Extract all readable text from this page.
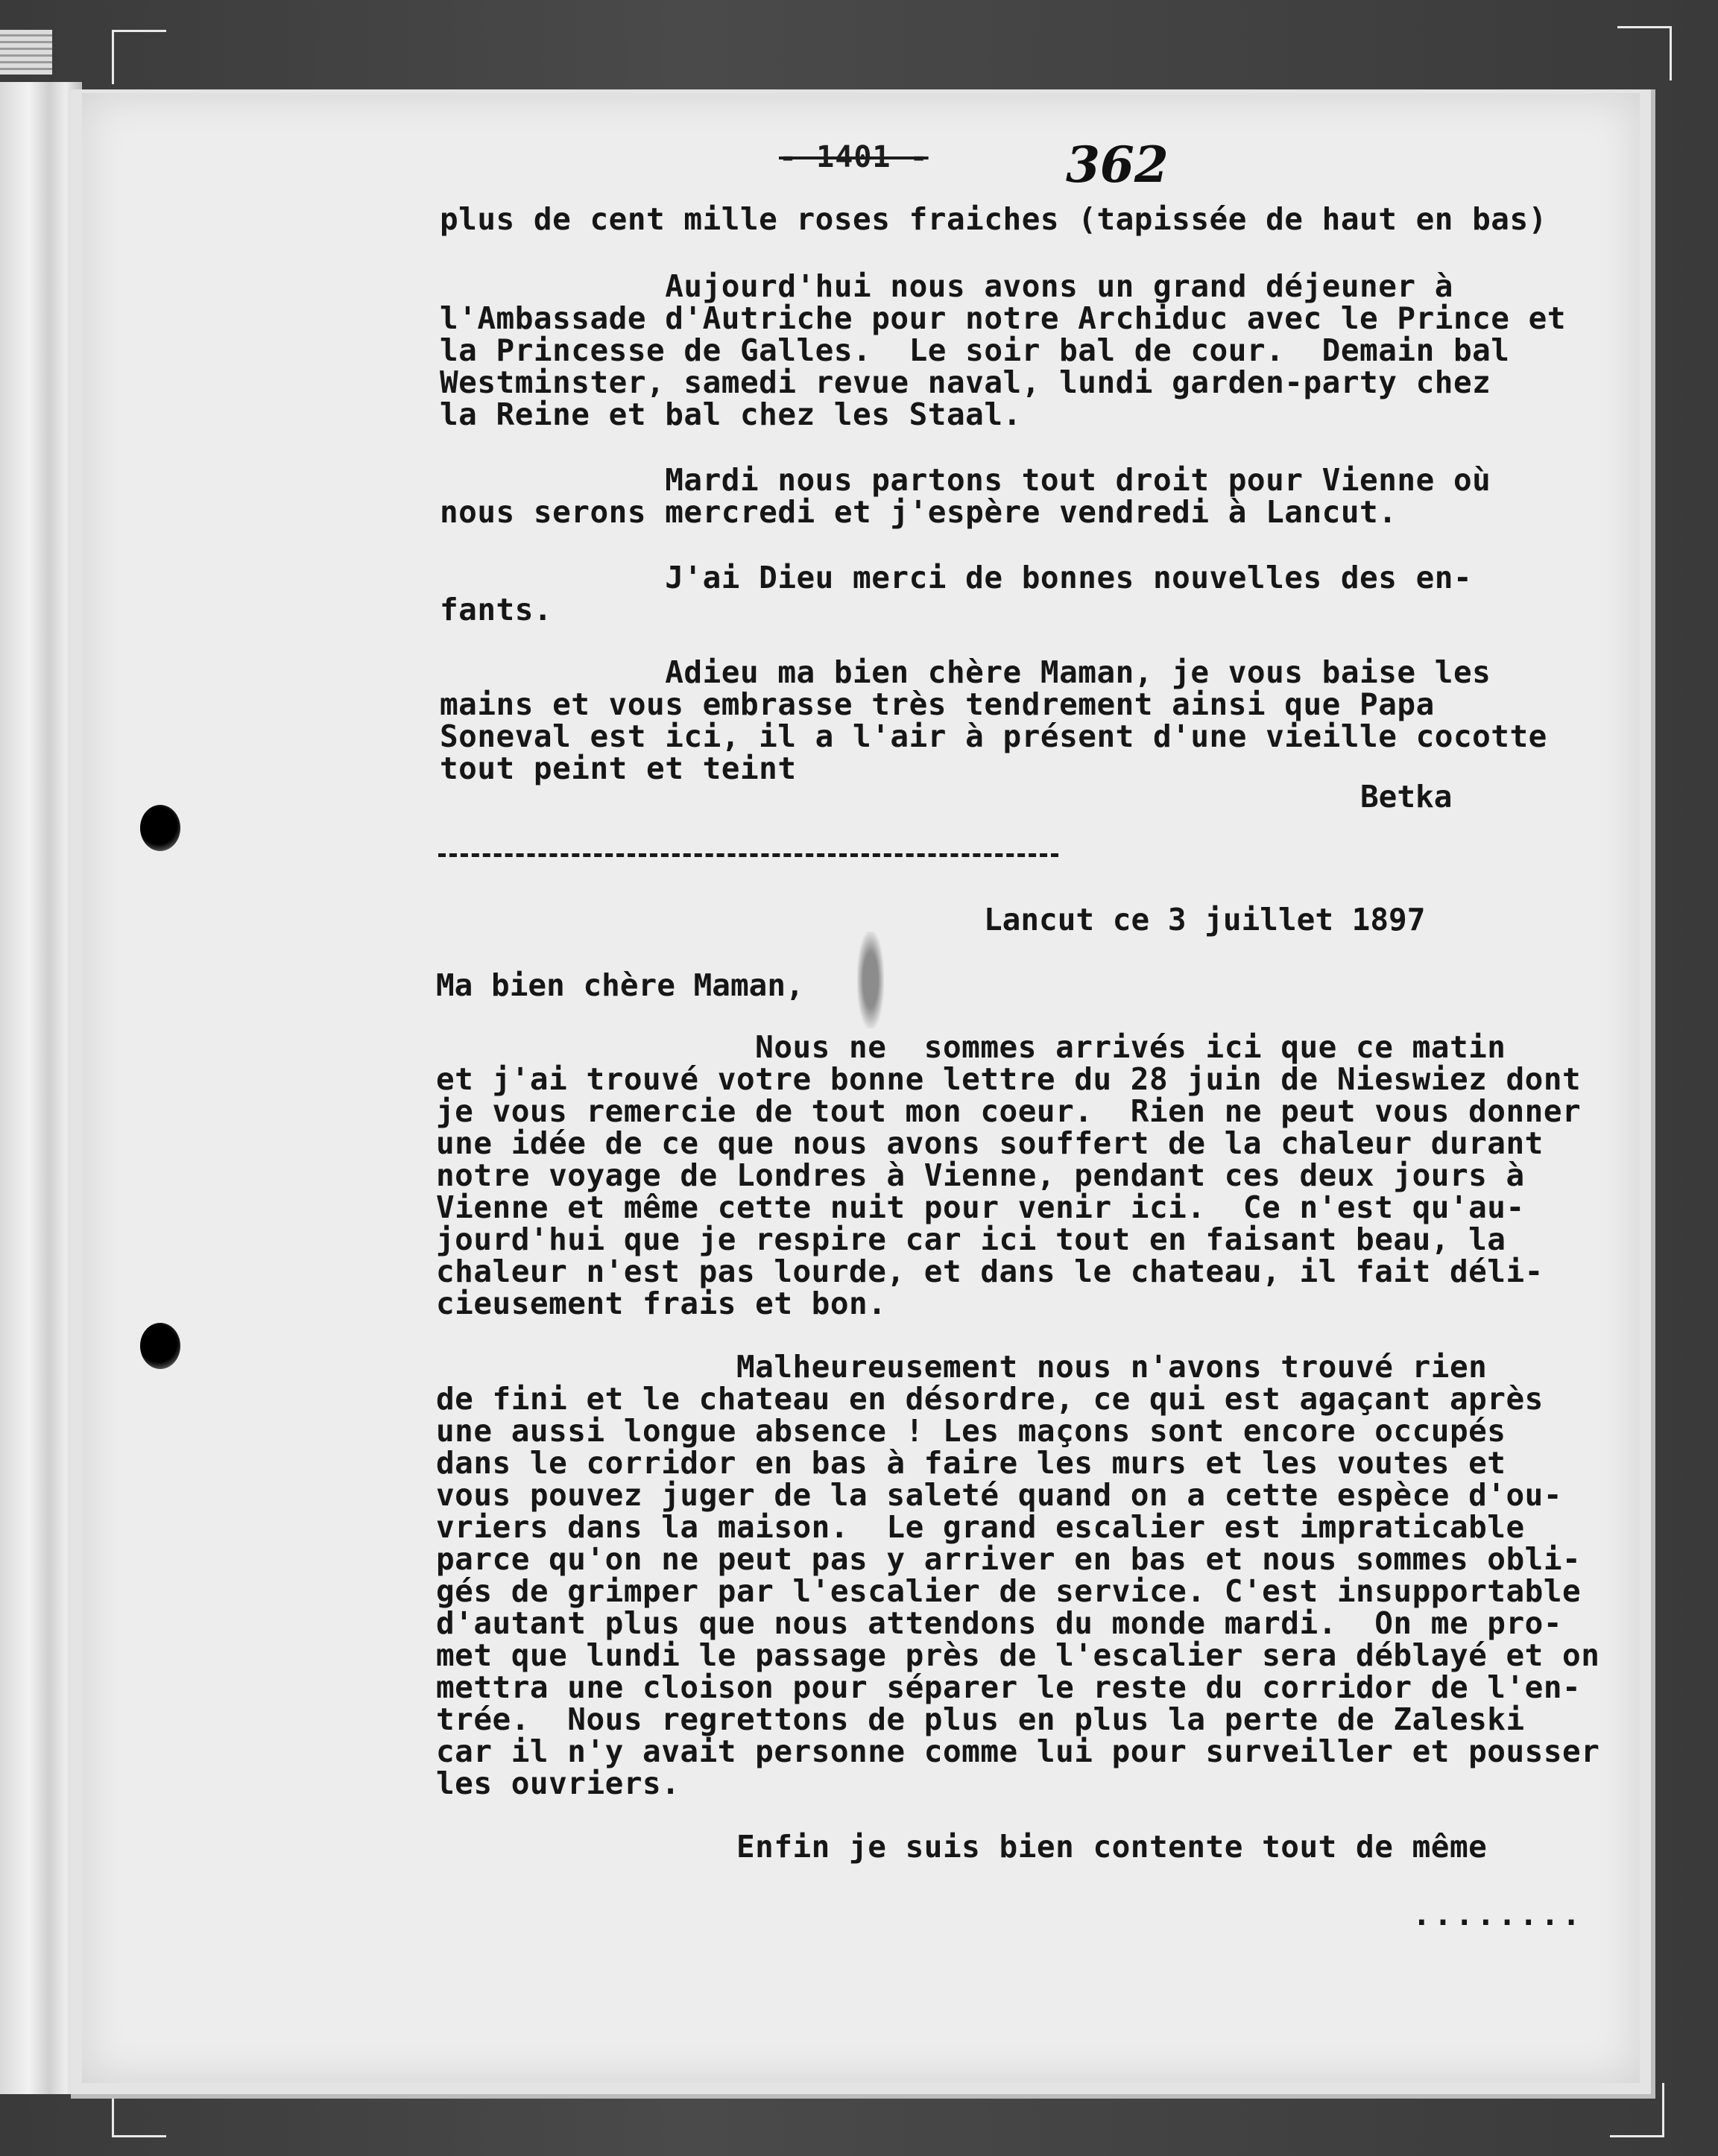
- 1401 -	362
plus de cent mille roses fraiches (tapissée de haut en bas)
Aujourd'hui nous avons un grand déjeuner à
l'Ambassade d'Autriche pour notre Archiduc avec le Prince et
la Princesse de Galles.  Le soir bal de cour.  Demain bal
Westminster, samedi revue naval, lundi garden-party chez
la Reine et bal chez les Staal.
Mardi nous partons tout droit pour Vienne où
nous serons mercredi et j'espère vendredi à Lancut.
J'ai Dieu merci de bonnes nouvelles des en-
fants.
Adieu ma bien chère Maman, je vous baise les
mains et vous embrasse très tendrement ainsi que Papa
Soneval est ici, il a l'air à présent d'une vieille cocotte
tout peint et teint
Betka
Lancut ce 3 juillet 1897
Ma bien chère Maman,
Nous ne  sommes arrivés ici que ce matin
et j'ai trouvé votre bonne lettre du 28 juin de Nieswiez dont
je vous remercie de tout mon coeur.  Rien ne peut vous donner
une idée de ce que nous avons souffert de la chaleur durant
notre voyage de Londres à Vienne, pendant ces deux jours à
Vienne et même cette nuit pour venir ici.  Ce n'est qu'au-
jourd'hui que je respire car ici tout en faisant beau, la
chaleur n'est pas lourde, et dans le chateau, il fait déli-
cieusement frais et bon.
Malheureusement nous n'avons trouvé rien
de fini et le chateau en désordre, ce qui est agaçant après
une aussi longue absence ! Les maçons sont encore occupés
dans le corridor en bas à faire les murs et les voutes et
vous pouvez juger de la saleté quand on a cette espèce d'ou-
vriers dans la maison.  Le grand escalier est impraticable
parce qu'on ne peut pas y arriver en bas et nous sommes obli-
gés de grimper par l'escalier de service. C'est insupportable
d'autant plus que nous attendons du monde mardi.  On me pro-
met que lundi le passage près de l'escalier sera déblayé et on
mettra une cloison pour séparer le reste du corridor de l'en-
trée.  Nous regrettons de plus en plus la perte de Zaleski
car il n'y avait personne comme lui pour surveiller et pousser
les ouvriers.
Enfin je suis bien contente tout de même
........
